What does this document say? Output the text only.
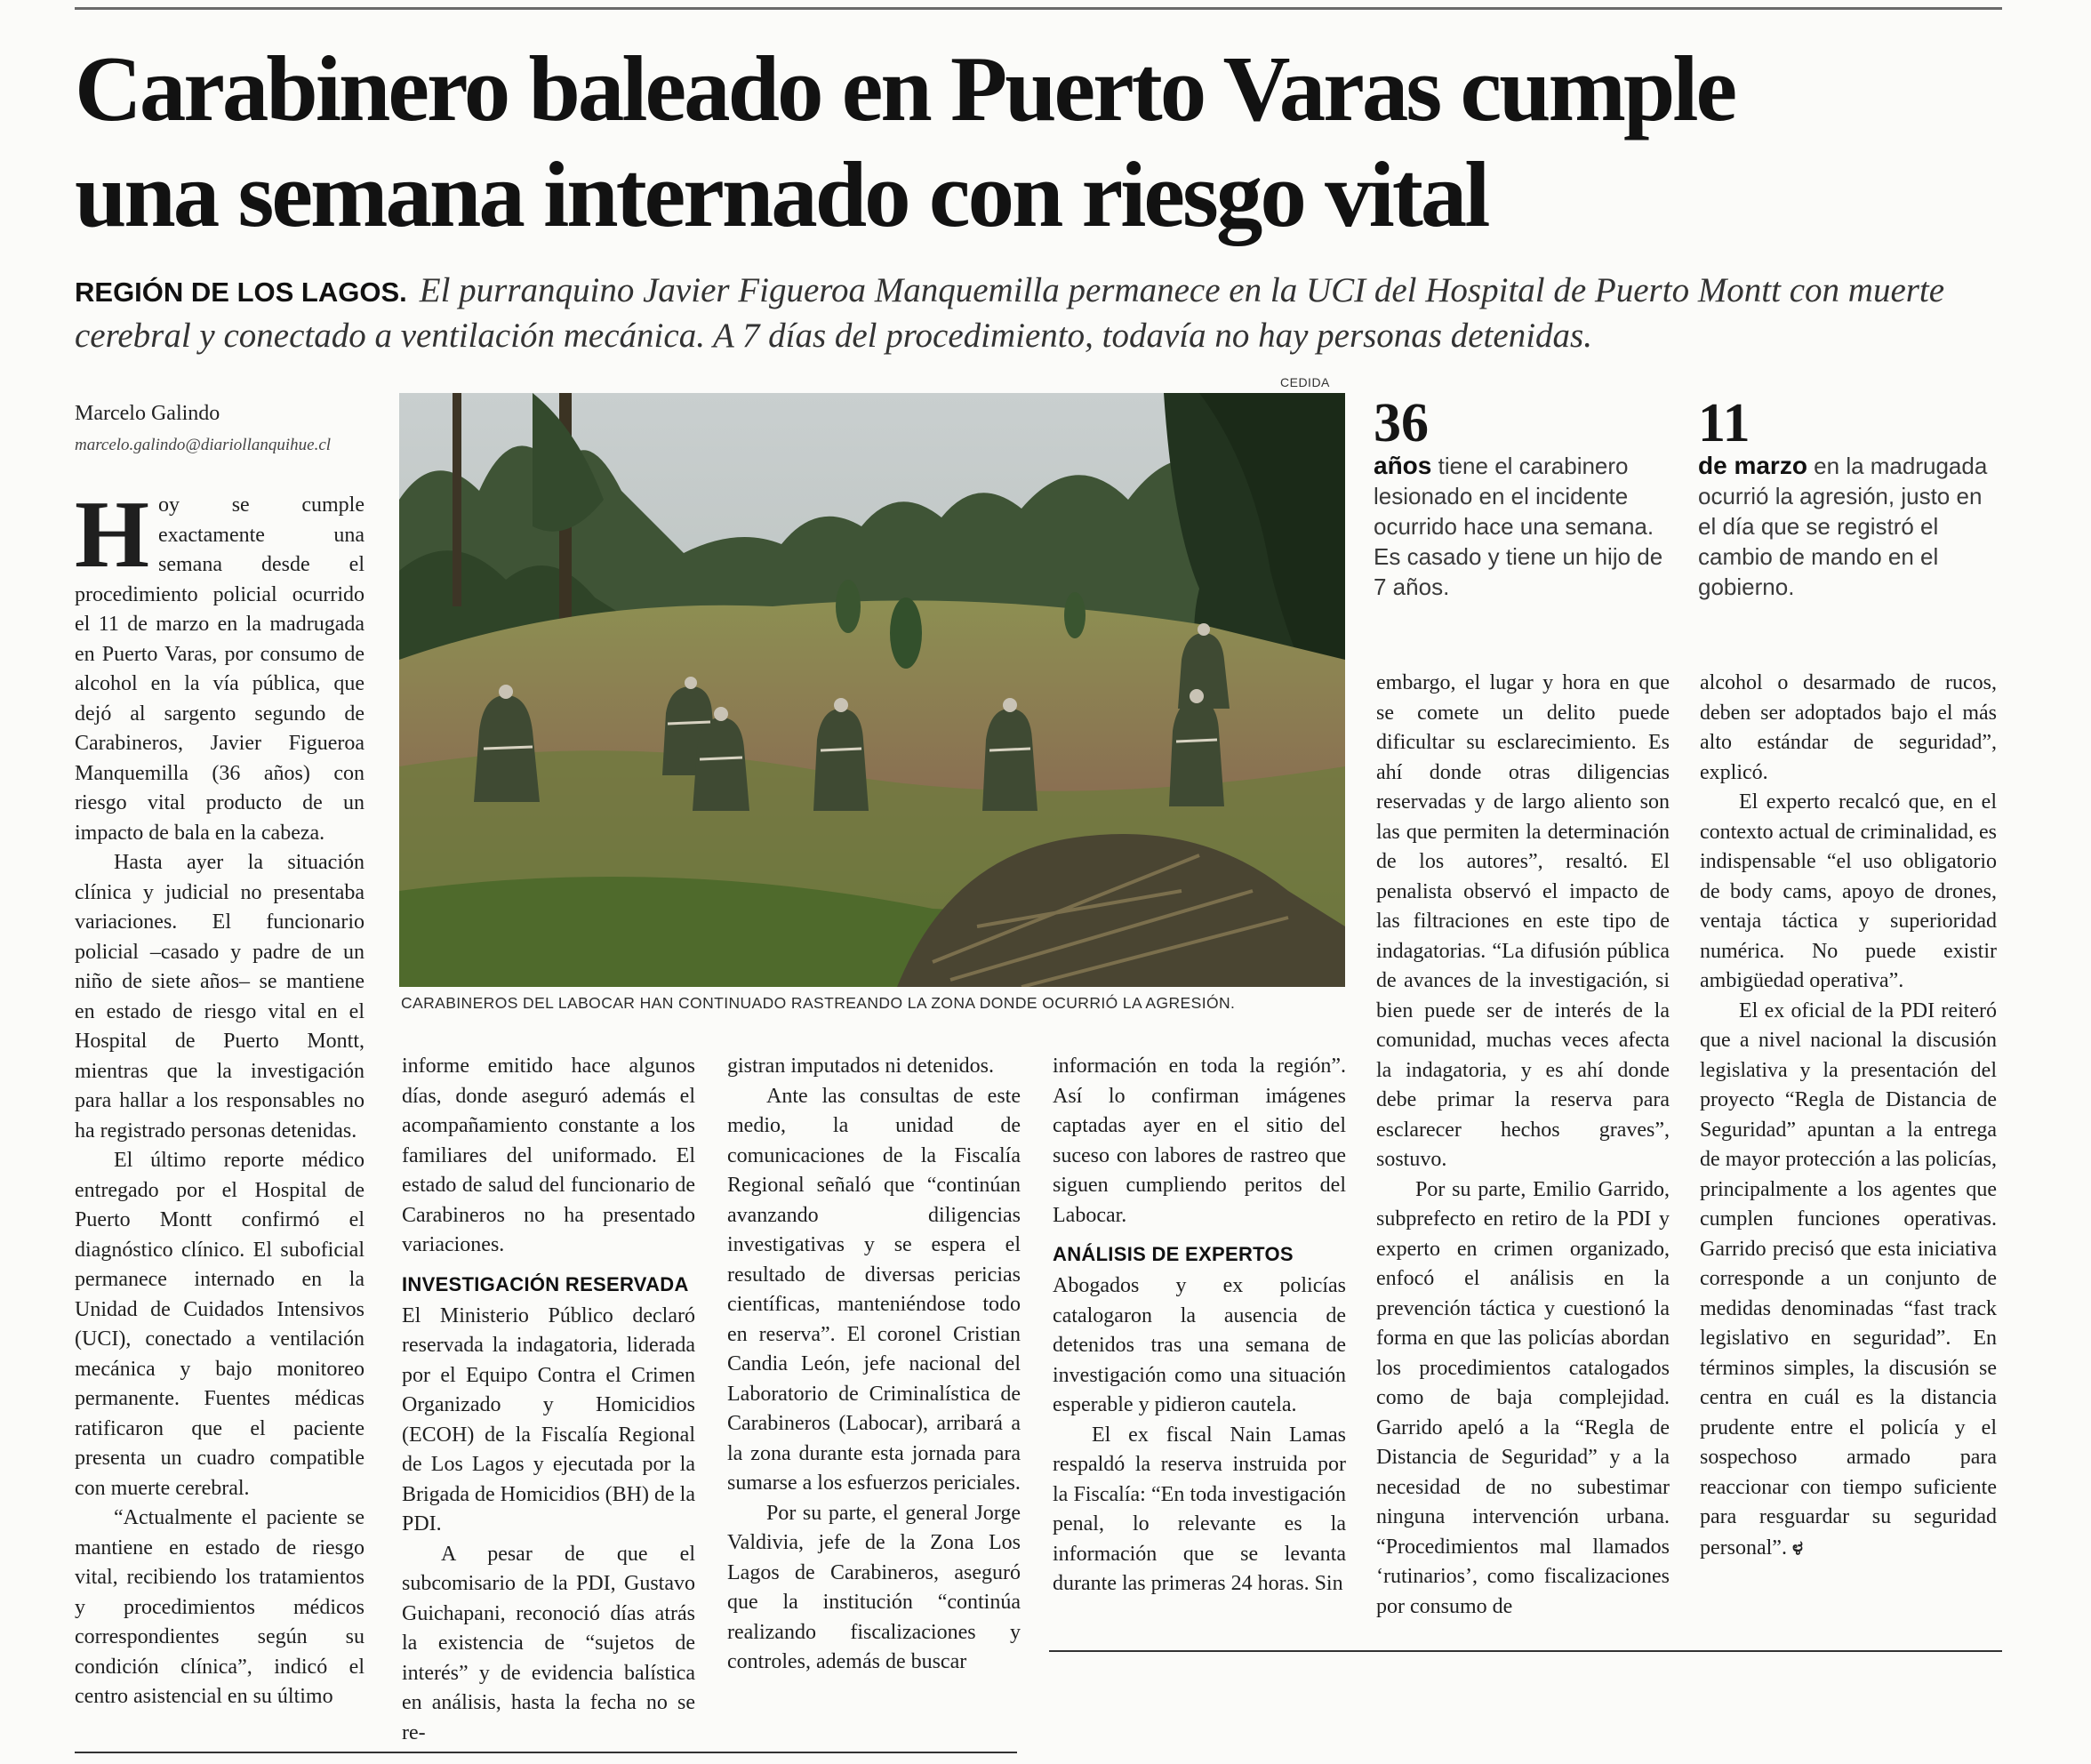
Carabinero baleado en Puerto Varas cumple
una semana internado con riesgo vital

REGIÓN DE LOS LAGOS. El purranquino Javier Figueroa Manquemilla permanece en la UCI del Hospital de Puerto Montt con muerte cerebral y conectado a ventilación mecánica. A 7 días del procedimiento, todavía no hay personas detenidas.

Marcelo Galindo
marcelo.galindo@diariollanquihue.cl

Hoy se cumple exactamente una semana desde el procedimiento policial ocurrido el 11 de marzo en la madrugada en Puerto Varas, por consumo de alcohol en la vía pública, que dejó al sargento segundo de Carabineros, Javier Figueroa Manquemilla (36 años) con riesgo vital producto de un impacto de bala en la cabeza.

Hasta ayer la situación clínica y judicial no presentaba variaciones. El funcionario policial –casado y padre de un niño de siete años– se mantiene en estado de riesgo vital en el Hospital de Puerto Montt, mientras que la investigación para hallar a los responsables no ha registrado personas detenidas.

El último reporte médico entregado por el Hospital de Puerto Montt confirmó el diagnóstico clínico. El suboficial permanece internado en la Unidad de Cuidados Intensivos (UCI), conectado a ventilación mecánica y bajo monitoreo permanente. Fuentes médicas ratificaron que el paciente presenta un cuadro compatible con muerte cerebral.

“Actualmente el paciente se mantiene en estado de riesgo vital, recibiendo los tratamientos y procedimientos médicos correspondientes según su condición clínica”, indicó el centro asistencial en su último

CEDIDA
CARABINEROS DEL LABOCAR HAN CONTINUADO RASTREANDO LA ZONA DONDE OCURRIÓ LA AGRESIÓN.
36
años tiene el carabinero lesionado en el incidente ocurrido hace una semana. Es casado y tiene un hijo de 7 años.
11
de marzo en la madrugada ocurrió la agresión, justo en el día que se registró el cambio de mando en el gobierno.

informe emitido hace algunos días, donde aseguró además el acompañamiento constante a los familiares del uniformado. El estado de salud del funcionario de Carabineros no ha presentado variaciones.

INVESTIGACIÓN RESERVADA

El Ministerio Público declaró reservada la indagatoria, liderada por el Equipo Contra el Crimen Organizado y Homicidios (ECOH) de la Fiscalía Regional de Los Lagos y ejecutada por la Brigada de Homicidios (BH) de la PDI.

A pesar de que el subcomisario de la PDI, Gustavo Guichapani, reconoció días atrás la existencia de “sujetos de interés” y de evidencia balística en análisis, hasta la fecha no se re-

gistran imputados ni detenidos.

Ante las consultas de este medio, la unidad de comunicaciones de la Fiscalía Regional señaló que “continúan avanzando diligencias investigativas y se espera el resultado de diversas pericias científicas, manteniéndose todo en reserva”. El coronel Cristian Candia León, jefe nacional del Laboratorio de Criminalística de Carabineros (Labocar), arribará a la zona durante esta jornada para sumarse a los esfuerzos periciales.

Por su parte, el general Jorge Valdivia, jefe de la Zona Los Lagos de Carabineros, aseguró que la institución “continúa realizando fiscalizaciones y controles, además de buscar

información en toda la región”. Así lo confirman imágenes captadas ayer en el sitio del suceso con labores de rastreo que siguen cumpliendo peritos del Labocar.

ANÁLISIS DE EXPERTOS

Abogados y ex policías catalogaron la ausencia de detenidos tras una semana de investigación como una situación esperable y pidieron cautela.

El ex fiscal Nain Lamas respaldó la reserva instruida por la Fiscalía: “En toda investigación penal, lo relevante es la información que se levanta durante las primeras 24 horas. Sin

embargo, el lugar y hora en que se comete un delito puede dificultar su esclarecimiento. Es ahí donde otras diligencias reservadas y de largo aliento son las que permiten la determinación de los autores”, resaltó. El penalista observó el impacto de las filtraciones en este tipo de indagatorias. “La difusión pública de avances de la investigación, si bien puede ser de interés de la comunidad, muchas veces afecta la indagatoria, y es ahí donde debe primar la reserva para esclarecer hechos graves”, sostuvo.

Por su parte, Emilio Garrido, subprefecto en retiro de la PDI y experto en crimen organizado, enfocó el análisis en la prevención táctica y cuestionó la forma en que las policías abordan los procedimientos catalogados como de baja complejidad. Garrido apeló a la “Regla de Distancia de Seguridad” y a la necesidad de no subestimar ninguna intervención urbana. “Procedimientos mal llamados ‘rutinarios’, como fiscalizaciones por consumo de

alcohol o desarmado de rucos, deben ser adoptados bajo el más alto estándar de seguridad”, explicó.

El experto recalcó que, en el contexto actual de criminalidad, es indispensable “el uso obligatorio de body cams, apoyo de drones, ventaja táctica y superioridad numérica. No puede existir ambigüedad operativa”.

El ex oficial de la PDI reiteró que a nivel nacional la discusión legislativa y la presentación del proyecto “Regla de Distancia de Seguridad” apuntan a la entrega de mayor protección a las policías, principalmente a los agentes que cumplen funciones operativas. Garrido precisó que esta iniciativa corresponde a un conjunto de medidas denominadas “fast track legislativo en seguridad”. En términos simples, la discusión se centra en cuál es la distancia prudente entre el policía y el sospechoso armado para reaccionar con tiempo suficiente para resguardar su seguridad personal”. ಳ
